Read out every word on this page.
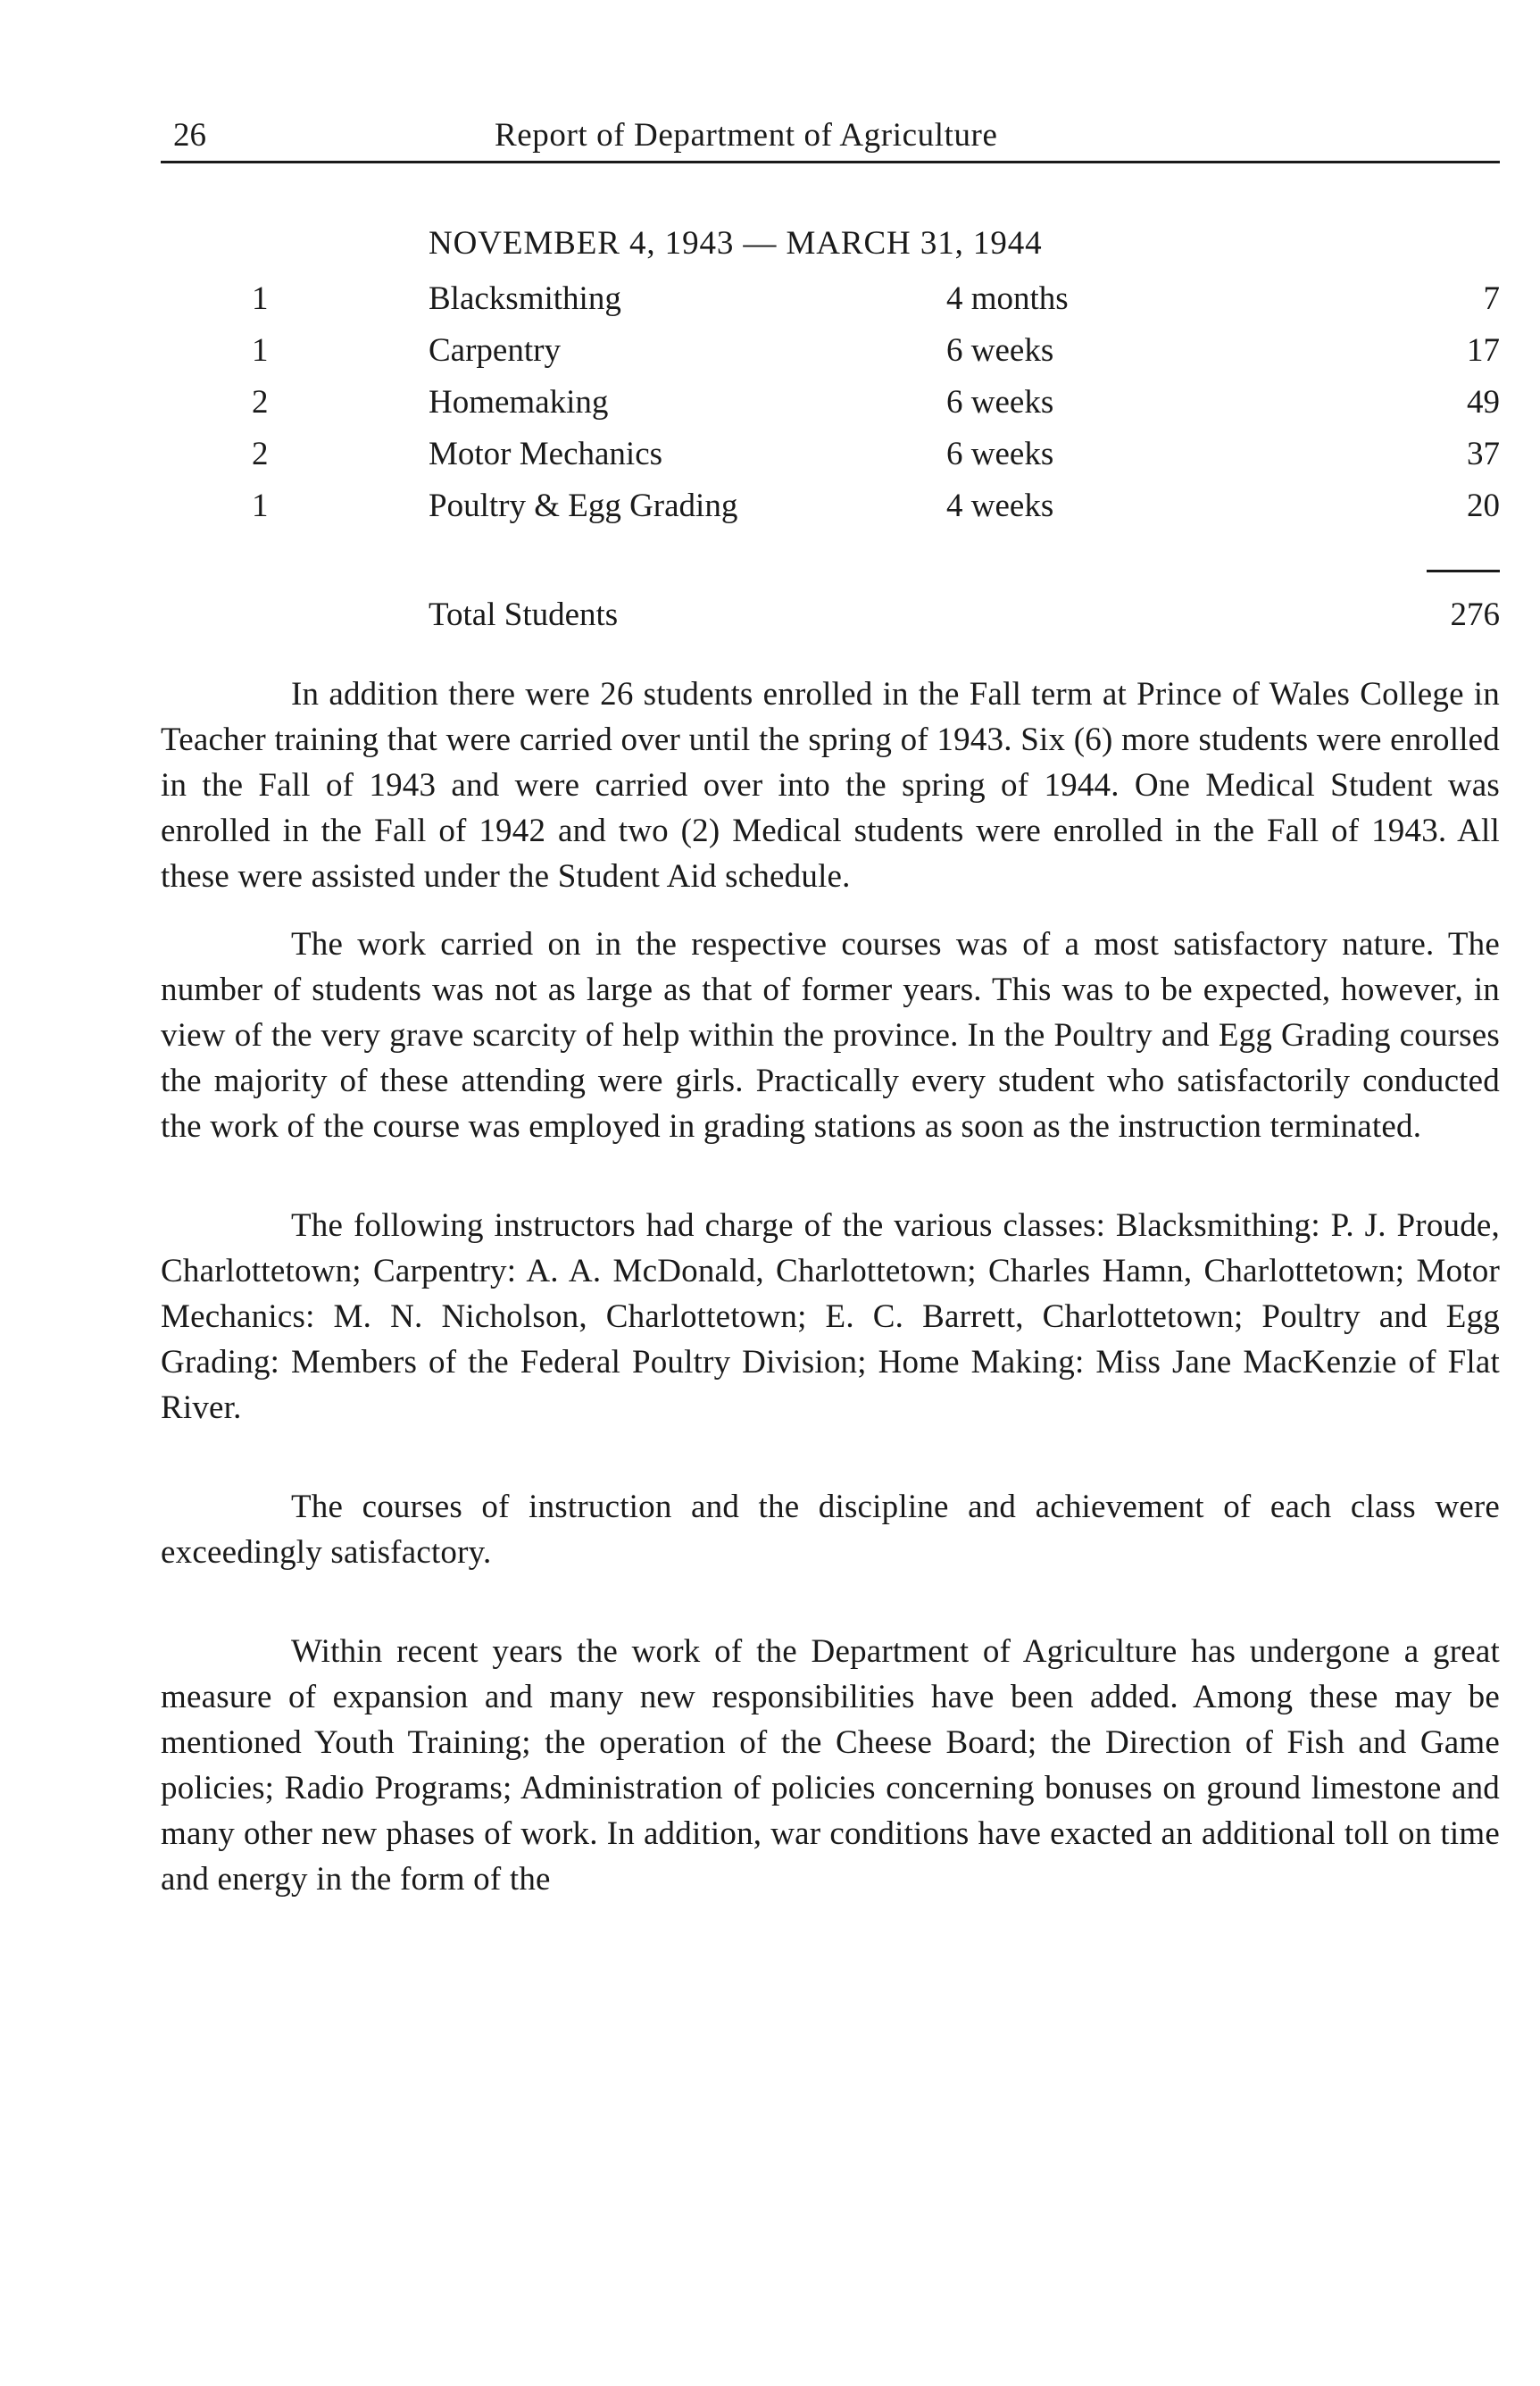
26	Report of Department of Agriculture
NOVEMBER 4, 1943 — MARCH 31, 1944
1	Blacksmithing	4 months	7
1	Carpentry	6 weeks	17
2	Homemaking	6 weeks	49
2	Motor Mechanics	6 weeks	37
1	Poultry & Egg Grading	4 weeks	20
Total Students	276

In addition there were 26 students enrolled in the Fall term at Prince of Wales College in Teacher training that were carried over until the spring of 1943. Six (6) more students were enrolled in the Fall of 1943 and were carried over into the spring of 1944. One Medical Student was enrolled in the Fall of 1942 and two (2) Medical students were enrolled in the Fall of 1943. All these were assisted under the Student Aid schedule.

The work carried on in the respective courses was of a most satisfactory nature. The number of students was not as large as that of former years. This was to be expected, however, in view of the very grave scarcity of help within the province. In the Poultry and Egg Grading courses the majority of these attending were girls. Practically every student who satisfactorily conducted the work of the course was employed in grading stations as soon as the instruction terminated.

The following instructors had charge of the various classes: Blacksmithing: P. J. Proude, Charlottetown; Carpentry: A. A. McDonald, Charlottetown; Charles Hamn, Charlottetown; Motor Mechanics: M. N. Nicholson, Charlottetown; E. C. Barrett, Charlottetown; Poultry and Egg Grading: Members of the Federal Poultry Division; Home Making: Miss Jane MacKenzie of Flat River.

The courses of instruction and the discipline and achievement of each class were exceedingly satisfactory.

Within recent years the work of the Department of Agriculture has undergone a great measure of expansion and many new responsibilities have been added. Among these may be mentioned Youth Training; the operation of the Cheese Board; the Direction of Fish and Game policies; Radio Programs; Administration of policies concerning bonuses on ground limestone and many other new phases of work. In addition, war conditions have exacted an additional toll on time and energy in the form of the
